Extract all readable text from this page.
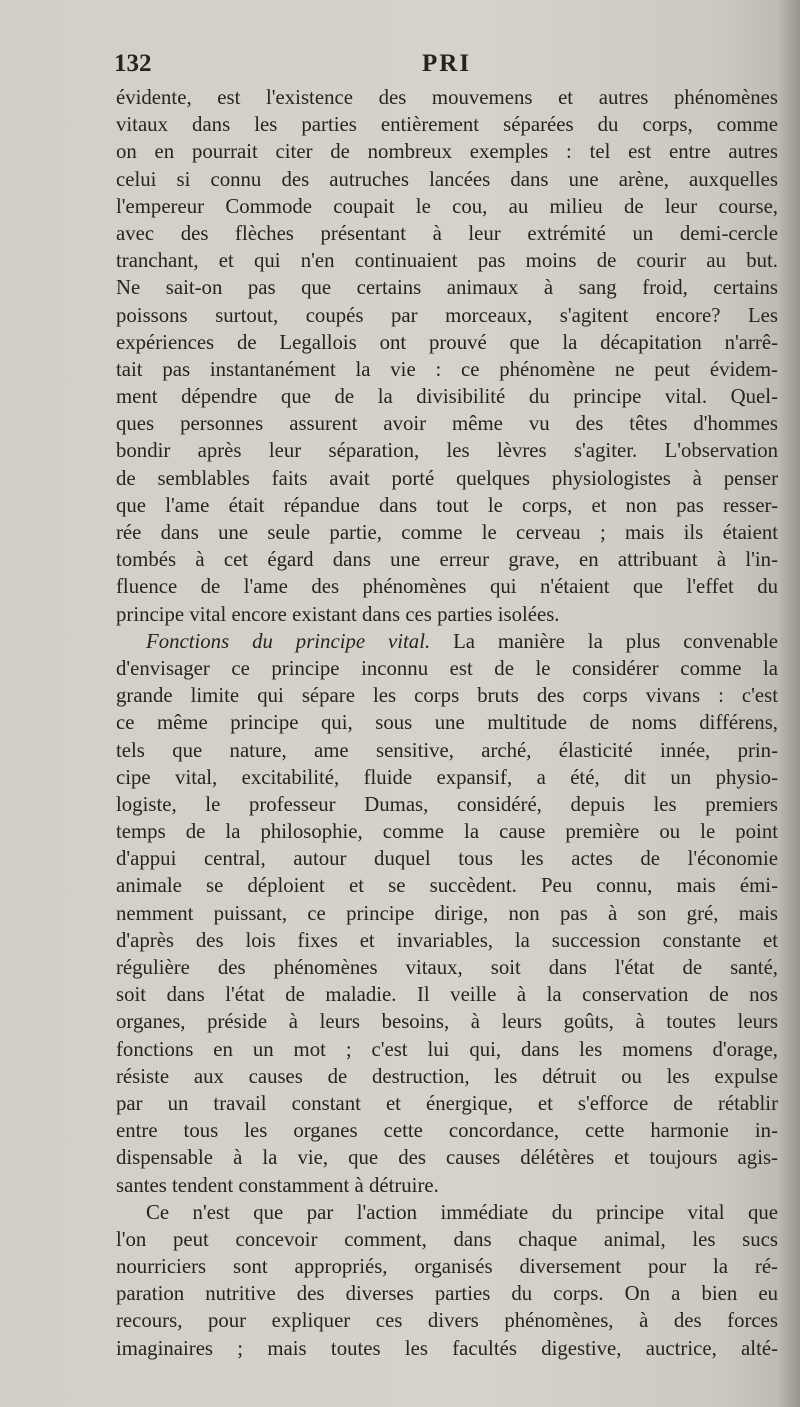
132	PRI
évidente, est l'existence des mouvemens et autres phénomènes
vitaux dans les parties entièrement séparées du corps, comme
on en pourrait citer de nombreux exemples : tel est entre autres
celui si connu des autruches lancées dans une arène, auxquelles
l'empereur Commode coupait le cou, au milieu de leur course,
avec des flèches présentant à leur extrémité un demi-cercle
tranchant, et qui n'en continuaient pas moins de courir au but.
Ne sait-on pas que certains animaux à sang froid, certains
poissons surtout, coupés par morceaux, s'agitent encore? Les
expériences de Legallois ont prouvé que la décapitation n'arrê-
tait pas instantanément la vie : ce phénomène ne peut évidem-
ment dépendre que de la divisibilité du principe vital. Quel-
ques personnes assurent avoir même vu des têtes d'hommes
bondir après leur séparation, les lèvres s'agiter. L'observation
de semblables faits avait porté quelques physiologistes à penser
que l'ame était répandue dans tout le corps, et non pas resser-
rée dans une seule partie, comme le cerveau ; mais ils étaient
tombés à cet égard dans une erreur grave, en attribuant à l'in-
fluence de l'ame des phénomènes qui n'étaient que l'effet du
principe vital encore existant dans ces parties isolées.
Fonctions du principe vital. La manière la plus convenable
d'envisager ce principe inconnu est de le considérer comme la
grande limite qui sépare les corps bruts des corps vivans : c'est
ce même principe qui, sous une multitude de noms différens,
tels que nature, ame sensitive, arché, élasticité innée, prin-
cipe vital, excitabilité, fluide expansif, a été, dit un physio-
logiste, le professeur Dumas, considéré, depuis les premiers
temps de la philosophie, comme la cause première ou le point
d'appui central, autour duquel tous les actes de l'économie
animale se déploient et se succèdent. Peu connu, mais émi-
nemment puissant, ce principe dirige, non pas à son gré, mais
d'après des lois fixes et invariables, la succession constante et
régulière des phénomènes vitaux, soit dans l'état de santé,
soit dans l'état de maladie. Il veille à la conservation de nos
organes, préside à leurs besoins, à leurs goûts, à toutes leurs
fonctions en un mot ; c'est lui qui, dans les momens d'orage,
résiste aux causes de destruction, les détruit ou les expulse
par un travail constant et énergique, et s'efforce de rétablir
entre tous les organes cette concordance, cette harmonie in-
dispensable à la vie, que des causes délétères et toujours agis-
santes tendent constamment à détruire.
Ce n'est que par l'action immédiate du principe vital que
l'on peut concevoir comment, dans chaque animal, les sucs
nourriciers sont appropriés, organisés diversement pour la ré-
paration nutritive des diverses parties du corps. On a bien eu
recours, pour expliquer ces divers phénomènes, à des forces
imaginaires ; mais toutes les facultés digestive, auctrice, alté-
